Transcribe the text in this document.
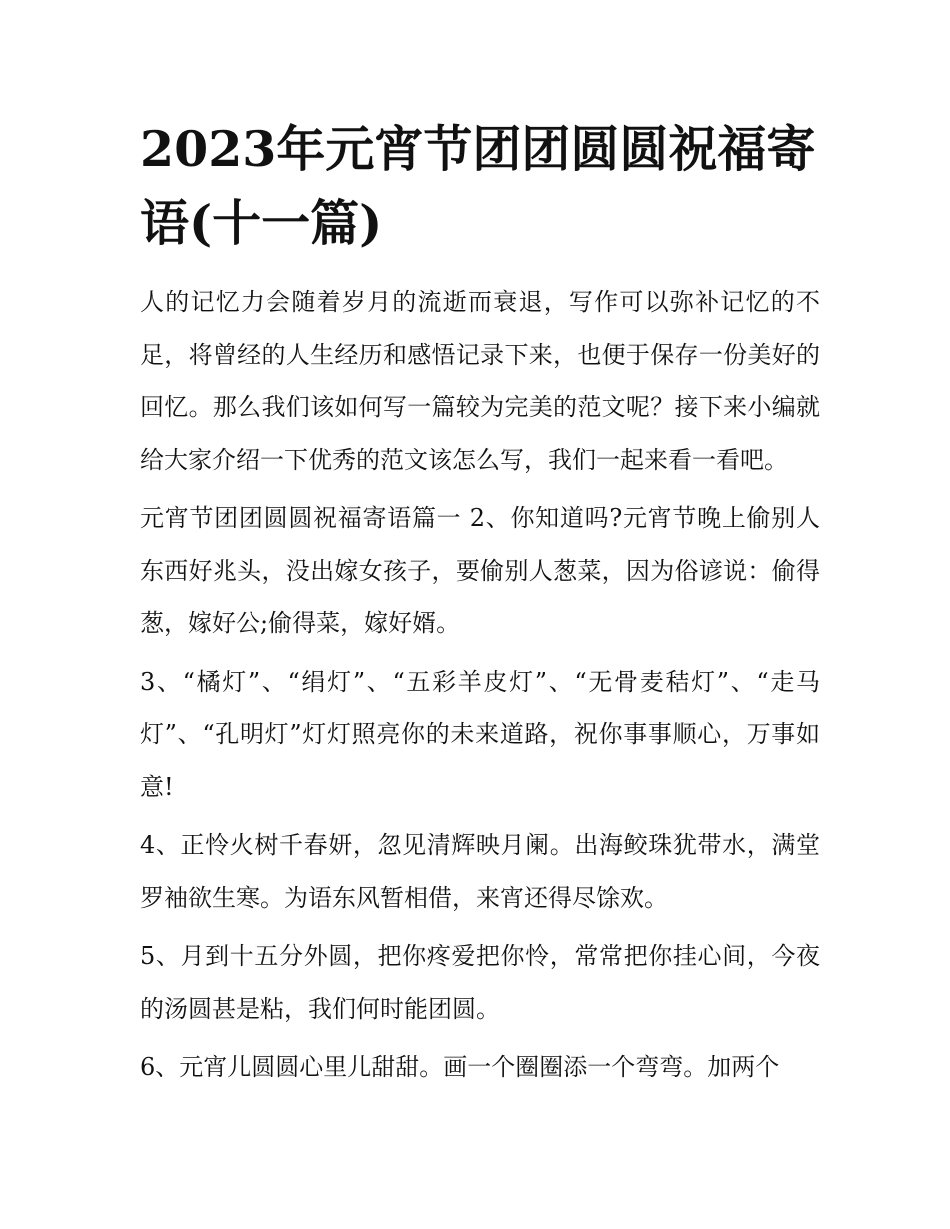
2023年元宵节团团圆圆祝福寄语(十一篇)

人的记忆力会随着岁月的流逝而衰退，写作可以弥补记忆的不足，将曾经的人生经历和感悟记录下来，也便于保存一份美好的回忆。那么我们该如何写一篇较为完美的范文呢？接下来小编就给大家介绍一下优秀的范文该怎么写，我们一起来看一看吧。

元宵节团团圆圆祝福寄语篇一 2、你知道吗?元宵节晚上偷别人东西好兆头，没出嫁女孩子，要偷别人葱菜，因为俗谚说：偷得葱，嫁好公;偷得菜，嫁好婿。

3、“橘灯”、“绢灯”、“五彩羊皮灯”、“无骨麦秸灯”、“走马灯”、“孔明灯”灯灯照亮你的未来道路，祝你事事顺心，万事如意!

4、正怜火树千春妍，忽见清辉映月阑。出海鲛珠犹带水，满堂罗袖欲生寒。为语东风暂相借，来宵还得尽馀欢。

5、月到十五分外圆，把你疼爱把你怜，常常把你挂心间，今夜的汤圆甚是粘，我们何时能团圆。

6、元宵儿圆圆心里儿甜甜。画一个圈圈添一个弯弯。加两个
